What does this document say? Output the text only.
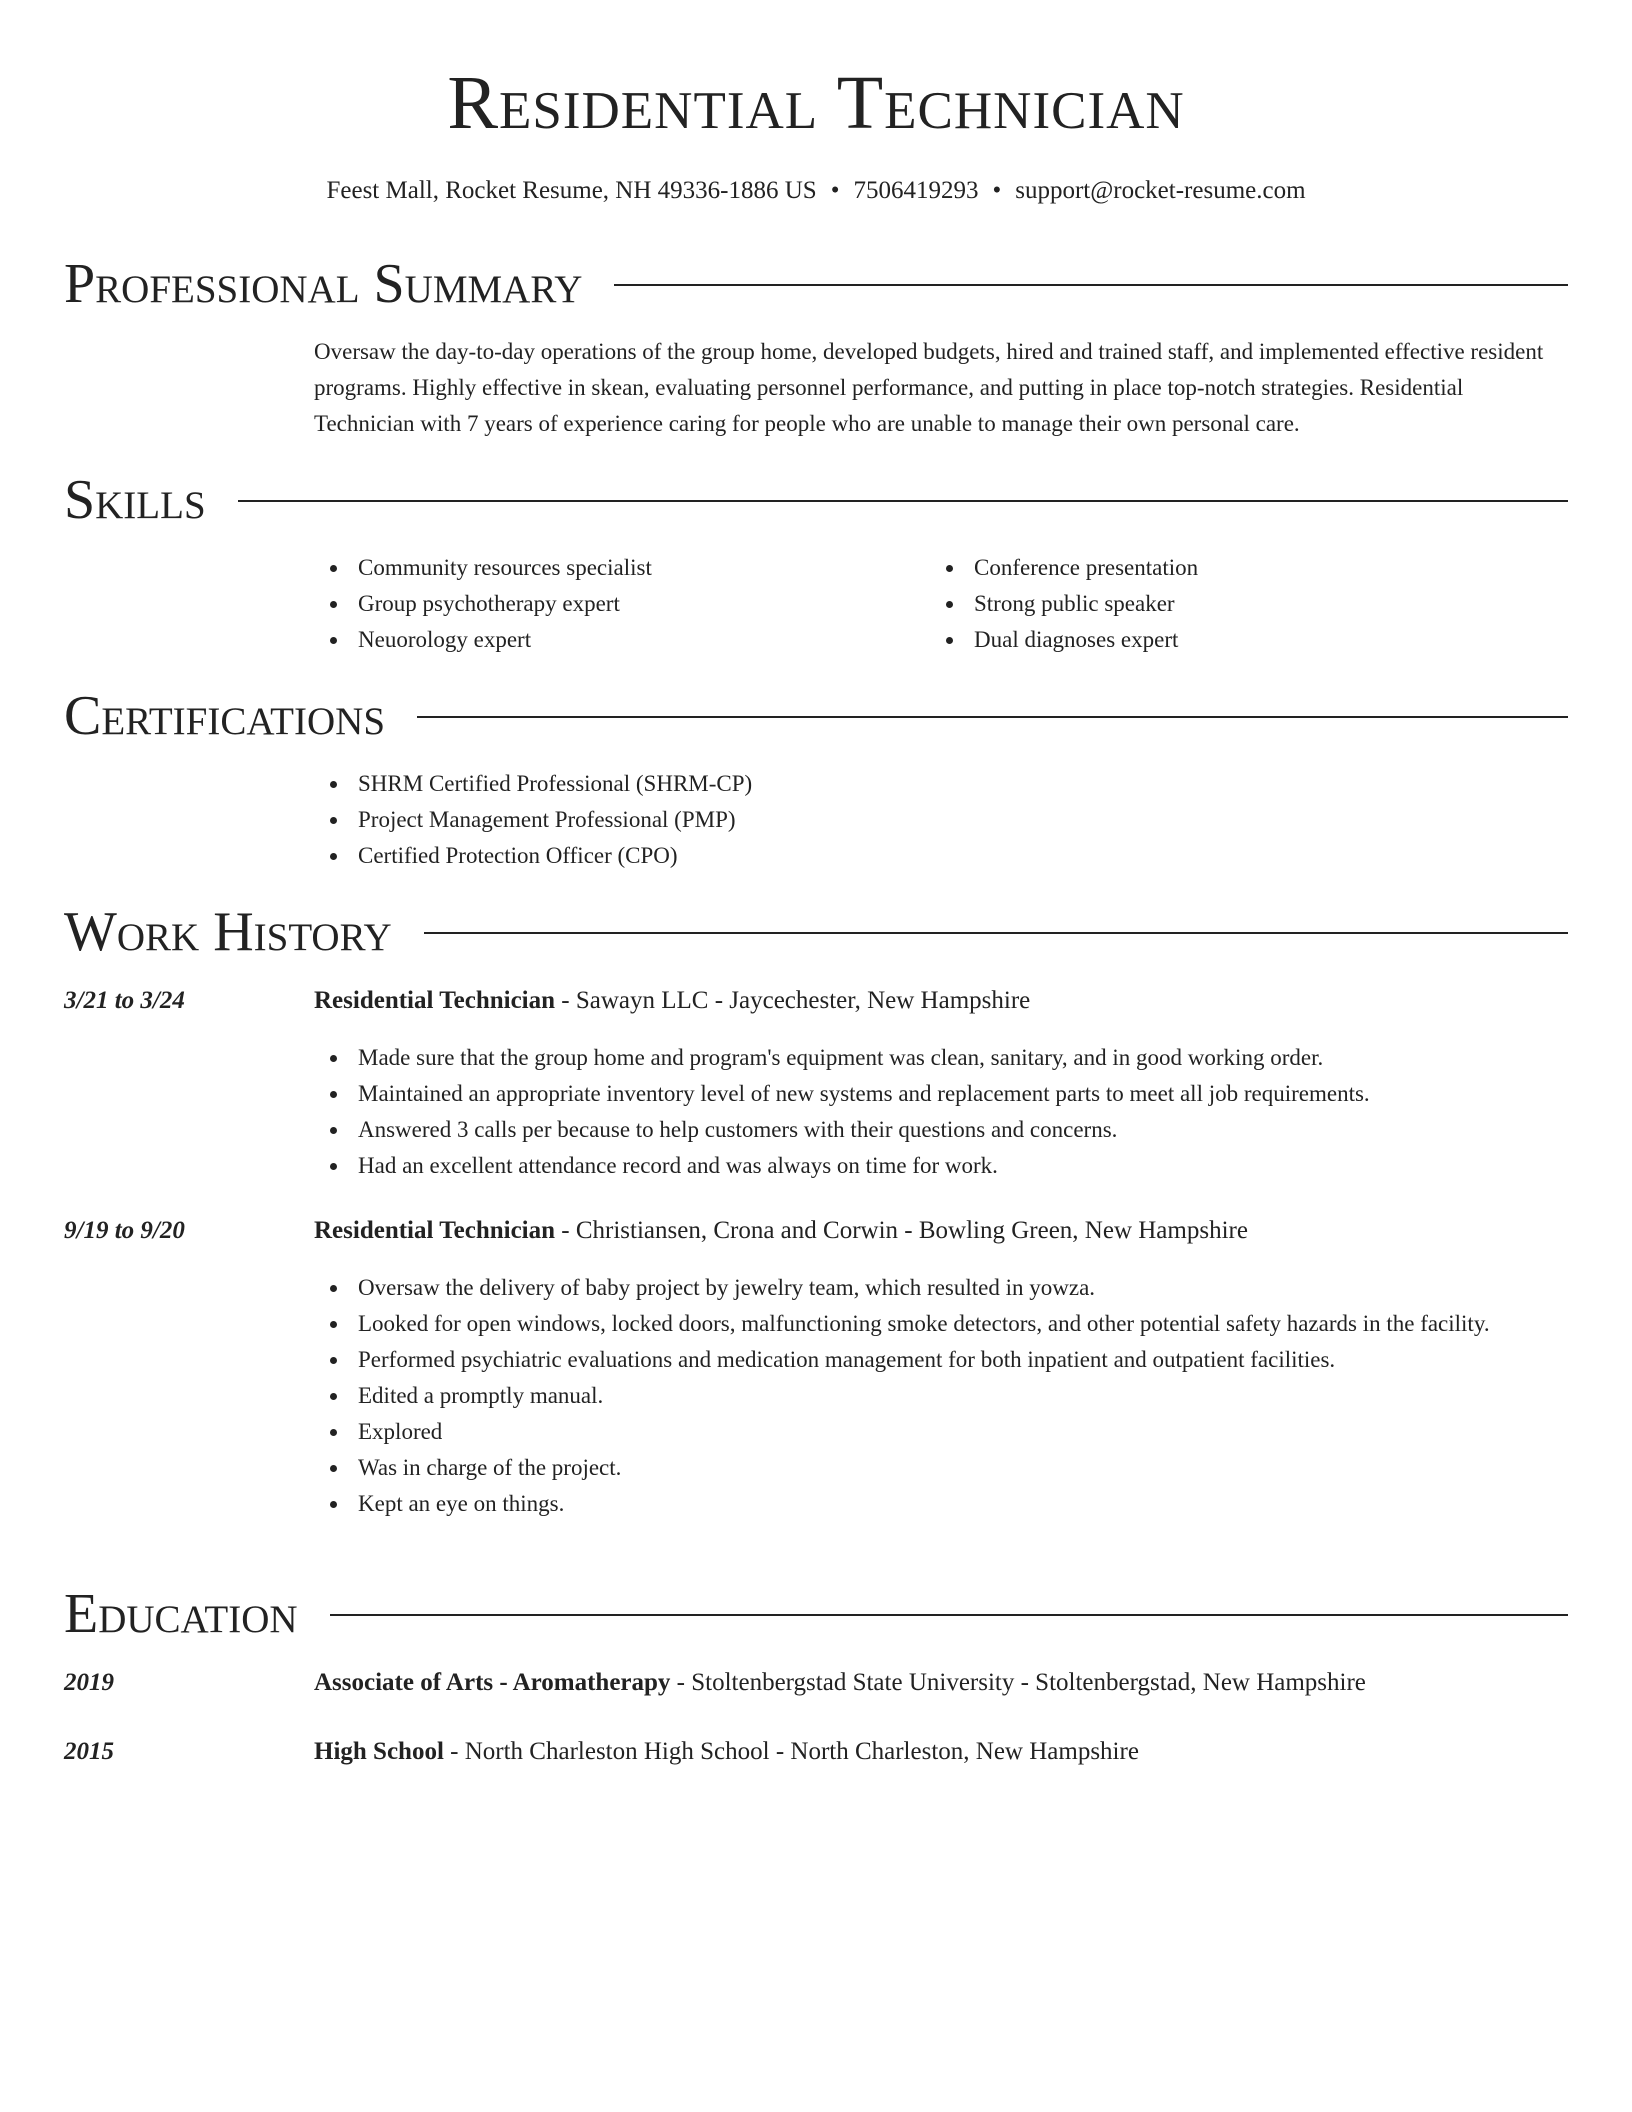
Residential Technician
Feest Mall, Rocket Resume, NH 49336-1886 US • 7506419293 • support@rocket-resume.com
Professional Summary

Oversaw the day-to-day operations of the group home, developed budgets, hired and trained staff, and implemented effective resident programs. Highly effective in skean, evaluating personnel performance, and putting in place top-notch strategies. Residential Technician with 7 years of experience caring for people who are unable to manage their own personal care.

Skills
Community resources specialist
Group psychotherapy expert
Neuorology expert
Conference presentation
Strong public speaker
Dual diagnoses expert
Certifications
SHRM Certified Professional (SHRM-CP)
Project Management Professional (PMP)
Certified Protection Officer (CPO)
Work History
3/21 to 3/24	Residential Technician - Sawayn LLC - Jaycechester, New Hampshire
Made sure that the group home and program's equipment was clean, sanitary, and in good working order.
Maintained an appropriate inventory level of new systems and replacement parts to meet all job requirements.
Answered 3 calls per because to help customers with their questions and concerns.
Had an excellent attendance record and was always on time for work.
9/19 to 9/20	Residential Technician - Christiansen, Crona and Corwin - Bowling Green, New Hampshire
Oversaw the delivery of baby project by jewelry team, which resulted in yowza.
Looked for open windows, locked doors, malfunctioning smoke detectors, and other potential safety hazards in the facility.
Performed psychiatric evaluations and medication management for both inpatient and outpatient facilities.
Edited a promptly manual.
Explored
Was in charge of the project.
Kept an eye on things.
Education
2019	Associate of Arts - Aromatherapy - Stoltenbergstad State University - Stoltenbergstad, New Hampshire
2015	High School - North Charleston High School - North Charleston, New Hampshire
